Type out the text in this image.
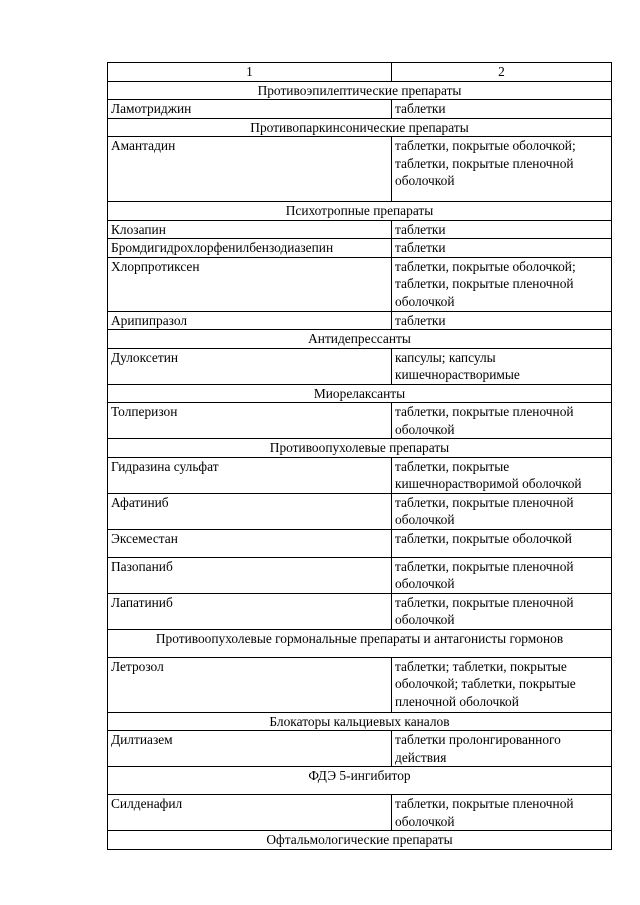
1	2
Противоэпилептические препараты	
Ламотриджин	таблетки
Противопаркинсонические препараты	
Амантадин	таблетки, покрытые оболочкой; таблетки, покрытые пленочной оболочкой
Психотропные препараты	
Клозапин	таблетки
Бромдигидрохлорфенилбензодиазепин	таблетки
Хлорпротиксен	таблетки, покрытые оболочкой; таблетки, покрытые пленочной оболочкой
Арипипразол	таблетки
Антидепрессанты	
Дулоксетин	капсулы; капсулы кишечнорастворимые
Миорелаксанты	
Толперизон	таблетки, покрытые пленочной оболочкой
Противоопухолевые препараты	
Гидразина сульфат	таблетки, покрытые кишечнорастворимой оболочкой
Афатиниб	таблетки, покрытые пленочной оболочкой
Эксеместан	таблетки, покрытые оболочкой
Пазопаниб	таблетки, покрытые пленочной оболочкой
Лапатиниб	таблетки, покрытые пленочной оболочкой
Противоопухолевые гормональные препараты и антагонисты гормонов	
Летрозол	таблетки; таблетки, покрытые оболочкой; таблетки, покрытые пленочной оболочкой
Блокаторы кальциевых каналов	
Дилтиазем	таблетки пролонгированного действия
ФДЭ 5-ингибитор	
Силденафил	таблетки, покрытые пленочной оболочкой
Офтальмологические препараты	
